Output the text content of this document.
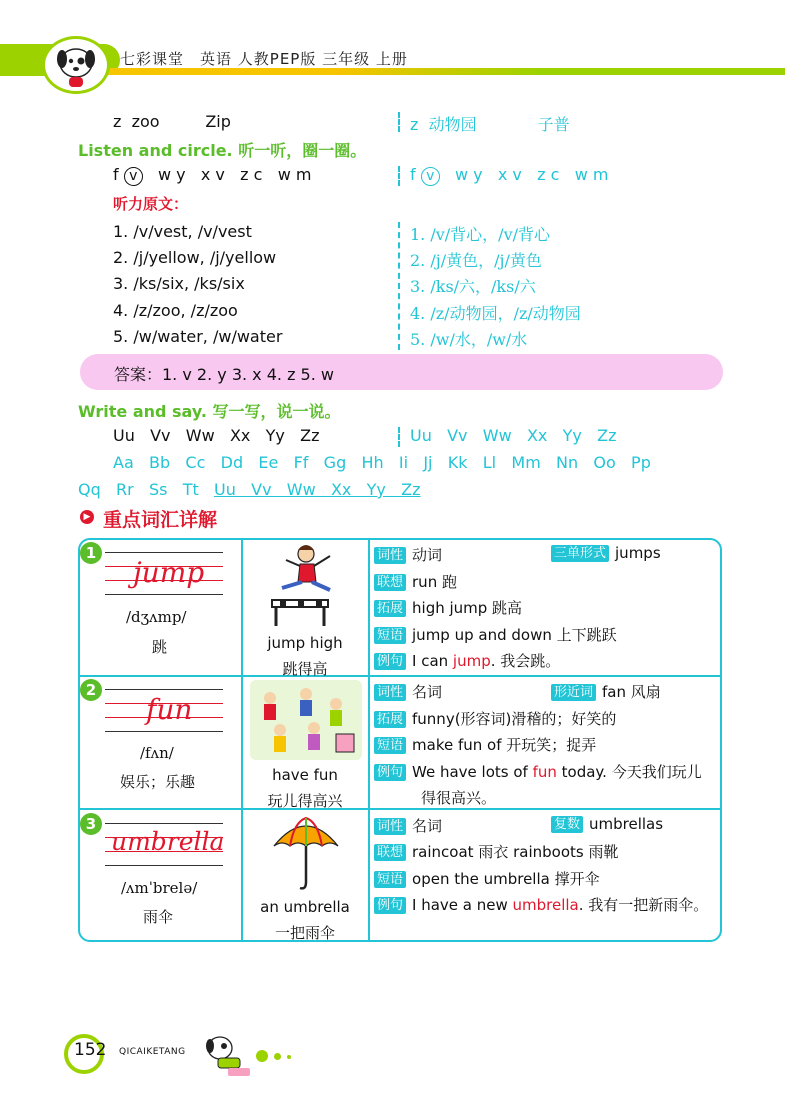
七彩课堂　英语 人教PEP版 三年级 上册
z  zoo         Zip	z  动物园            子普
Listen and circle. 听一听，圈一圈。
f v   w y   x v   z c   w m	f v   w y   x v   z c   w m
听力原文：
1. /v/vest, /v/vest	1. /v/背心，/v/背心
2. /j/yellow, /j/yellow	2. /j/黄色，/j/黄色
3. /ks/six, /ks/six	3. /ks/六，/ks/六
4. /z/zoo, /z/zoo	4. /z/动物园，/z/动物园
5. /w/water, /w/water	5. /w/水，/w/水
答案：1. v 2. y 3. x 4. z 5. w
Write and say. 写一写，说一说。
Uu   Vv   Ww   Xx   Yy   Zz	Uu   Vv   Ww   Xx   Yy   Zz
Aa   Bb   Cc   Dd   Ee   Ff   Gg   Hh   Ii   Jj   Kk   Ll   Mm   Nn   Oo   Pp
Qq   Rr   Ss   Tt   Uu   Vv   Ww   Xx   Yy   Zz
▶ 重点词汇详解
1
jump
/dʒʌmp/
跳	jump high
跳得高
词性 动词	三单形式 jumps
联想 run 跑
拓展 high jump 跳高
短语 jump up and down 上下跳跃
例句 I can jump. 我会跳。
2
fun
/fʌn/
娱乐；乐趣	have fun
玩儿得高兴
词性 名词	形近词 fan 风扇
拓展 funny(形容词)滑稽的；好笑的
短语 make fun of 开玩笑；捉弄
例句 We have lots of fun today. 今天我们玩儿
得很高兴。
3
umbrella
/ʌmˈbrelə/
雨伞
an umbrella
一把雨伞
词性 名词	复数 umbrellas
联想 raincoat 雨衣 rainboots 雨靴
短语 open the umbrella 撑开伞
例句 I have a new umbrella. 我有一把新雨伞。
152 QICAIKETANG
